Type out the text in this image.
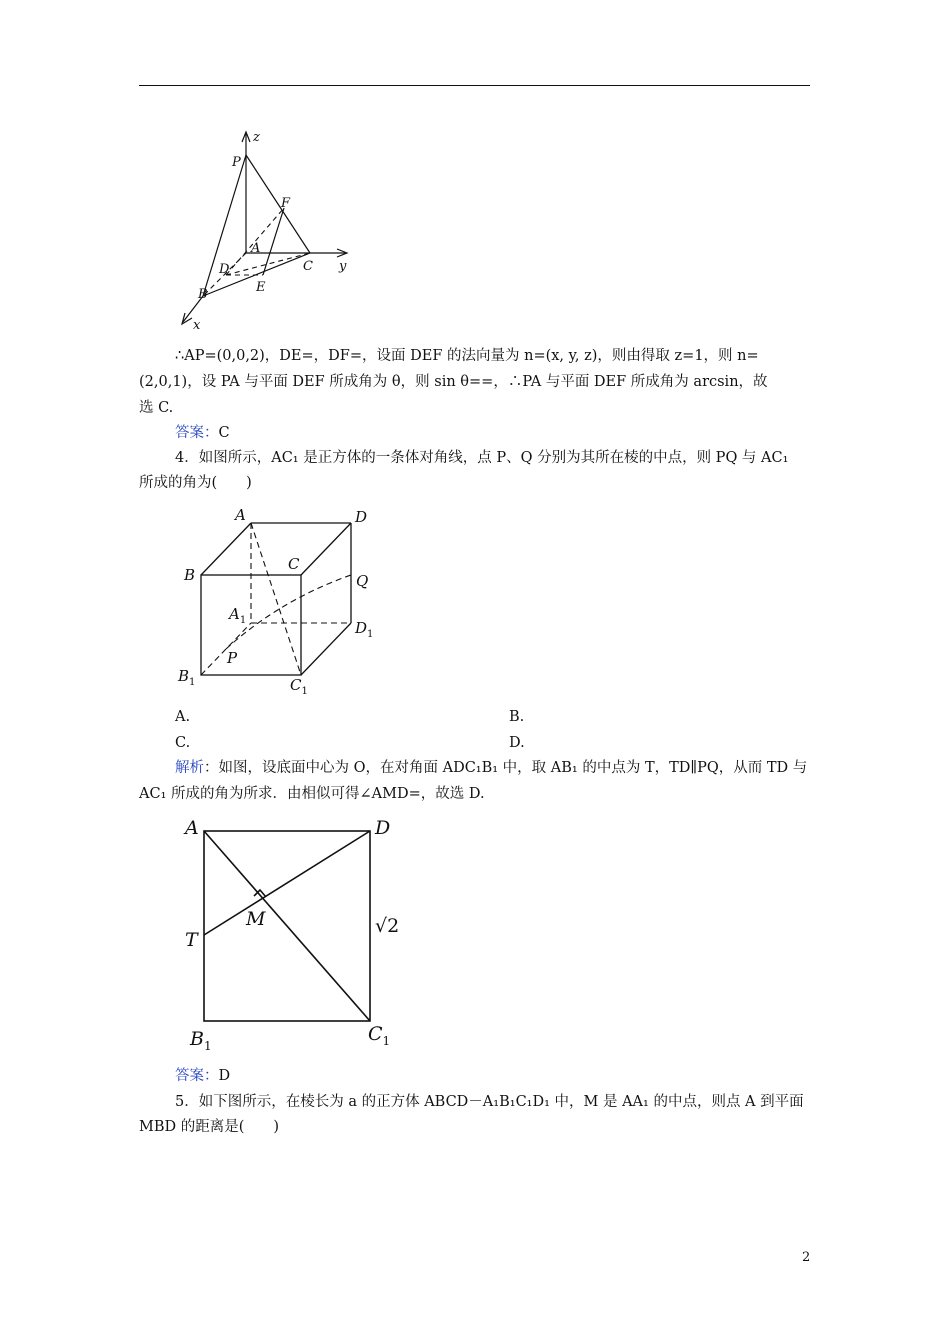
z
P
F
A
D	C y
E
B
x
∴AP=(0,0,2)，DE=，DF=，设面 DEF 的法向量为 n=(x, y, z)，则由得取 z=1，则 n=
(2,0,1)，设 PA 与平面 DEF 所成角为 θ，则 sin θ==，∴PA 与平面 DEF 所成角为 arcsin，故
选 C.
答案：C
4．如图所示，AC₁ 是正方体的一条体对角线，点 P、Q 分别为其所在棱的中点，则 PQ 与 AC₁
所成的角为(　　)
A	D
B
C
Q
$A_1$	$D_1$
P
$B_1$	$C_1$
A.	B.
C.	D.
解析：如图，设底面中心为 O，在对角面 ADC₁B₁ 中，取 AB₁ 的中点为 T，TD∥PQ，从而 TD 与
AC₁ 所成的角为所求．由相似可得∠AMD=，故选 D.
A	D
M
T
√2
$B_1$
$C_1$
答案：D
5．如下图所示，在棱长为 a 的正方体 ABCD－A₁B₁C₁D₁ 中，M 是 AA₁ 的中点，则点 A 到平面
MBD 的距离是(　　)
2
